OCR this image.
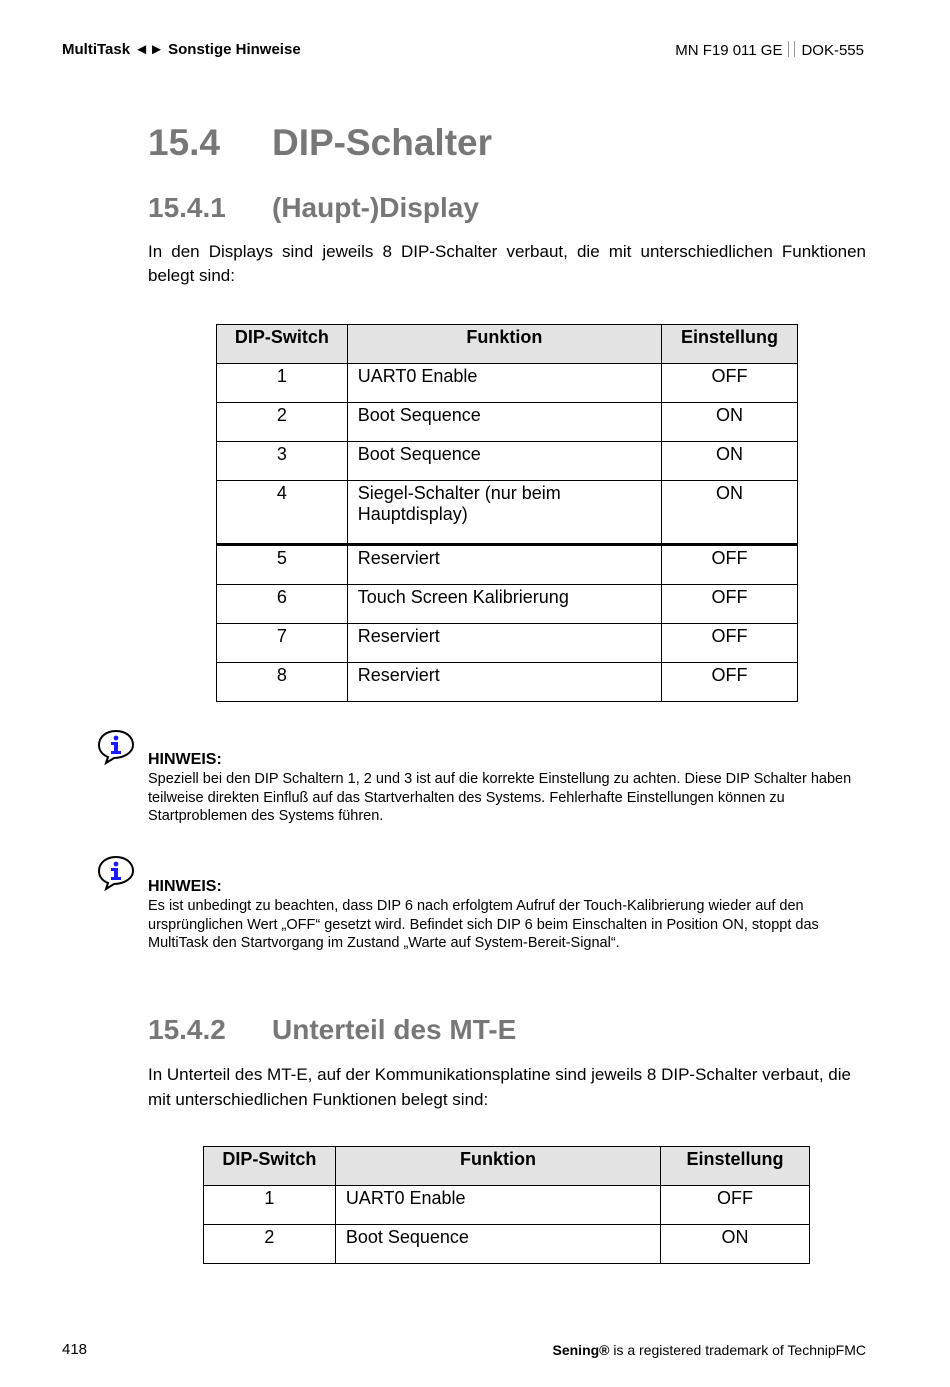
MultiTask ◄► Sonstige Hinweise	MN F19 011 GE DOK-555
15.4 DIP-Schalter
15.4.1 (Haupt-)Display
In den Displays sind jeweils 8 DIP-Schalter verbaut, die mit unterschiedlichen Funktionen belegt sind:
DIP-Switch	Funktion	Einstellung
1	UART0 Enable	OFF
2	Boot Sequence	ON
3	Boot Sequence	ON
4	Siegel-Schalter (nur beim Hauptdisplay)	ON
5	Reserviert	OFF
6	Touch Screen Kalibrierung	OFF
7	Reserviert	OFF
8	Reserviert	OFF
HINWEIS:
Speziell bei den DIP Schaltern 1, 2 und 3 ist auf die korrekte Einstellung zu achten. Diese DIP Schalter haben teilweise direkten Einfluß auf das Startverhalten des Systems. Fehlerhafte Einstellungen können zu Startproblemen des Systems führen.
HINWEIS:
Es ist unbedingt zu beachten, dass DIP 6 nach erfolgtem Aufruf der Touch-Kalibrierung wieder auf den ursprünglichen Wert „OFF“ gesetzt wird. Befindet sich DIP 6 beim Einschalten in Position ON, stoppt das MultiTask den Startvorgang im Zustand „Warte auf System-Bereit-Signal“.
15.4.2 Unterteil des MT-E
In Unterteil des MT-E, auf der Kommunikationsplatine sind jeweils 8 DIP-Schalter verbaut, die mit unterschiedlichen Funktionen belegt sind:
DIP-Switch	Funktion	Einstellung
1	UART0 Enable	OFF
2	Boot Sequence	ON
418	Sening® is a registered trademark of TechnipFMC
